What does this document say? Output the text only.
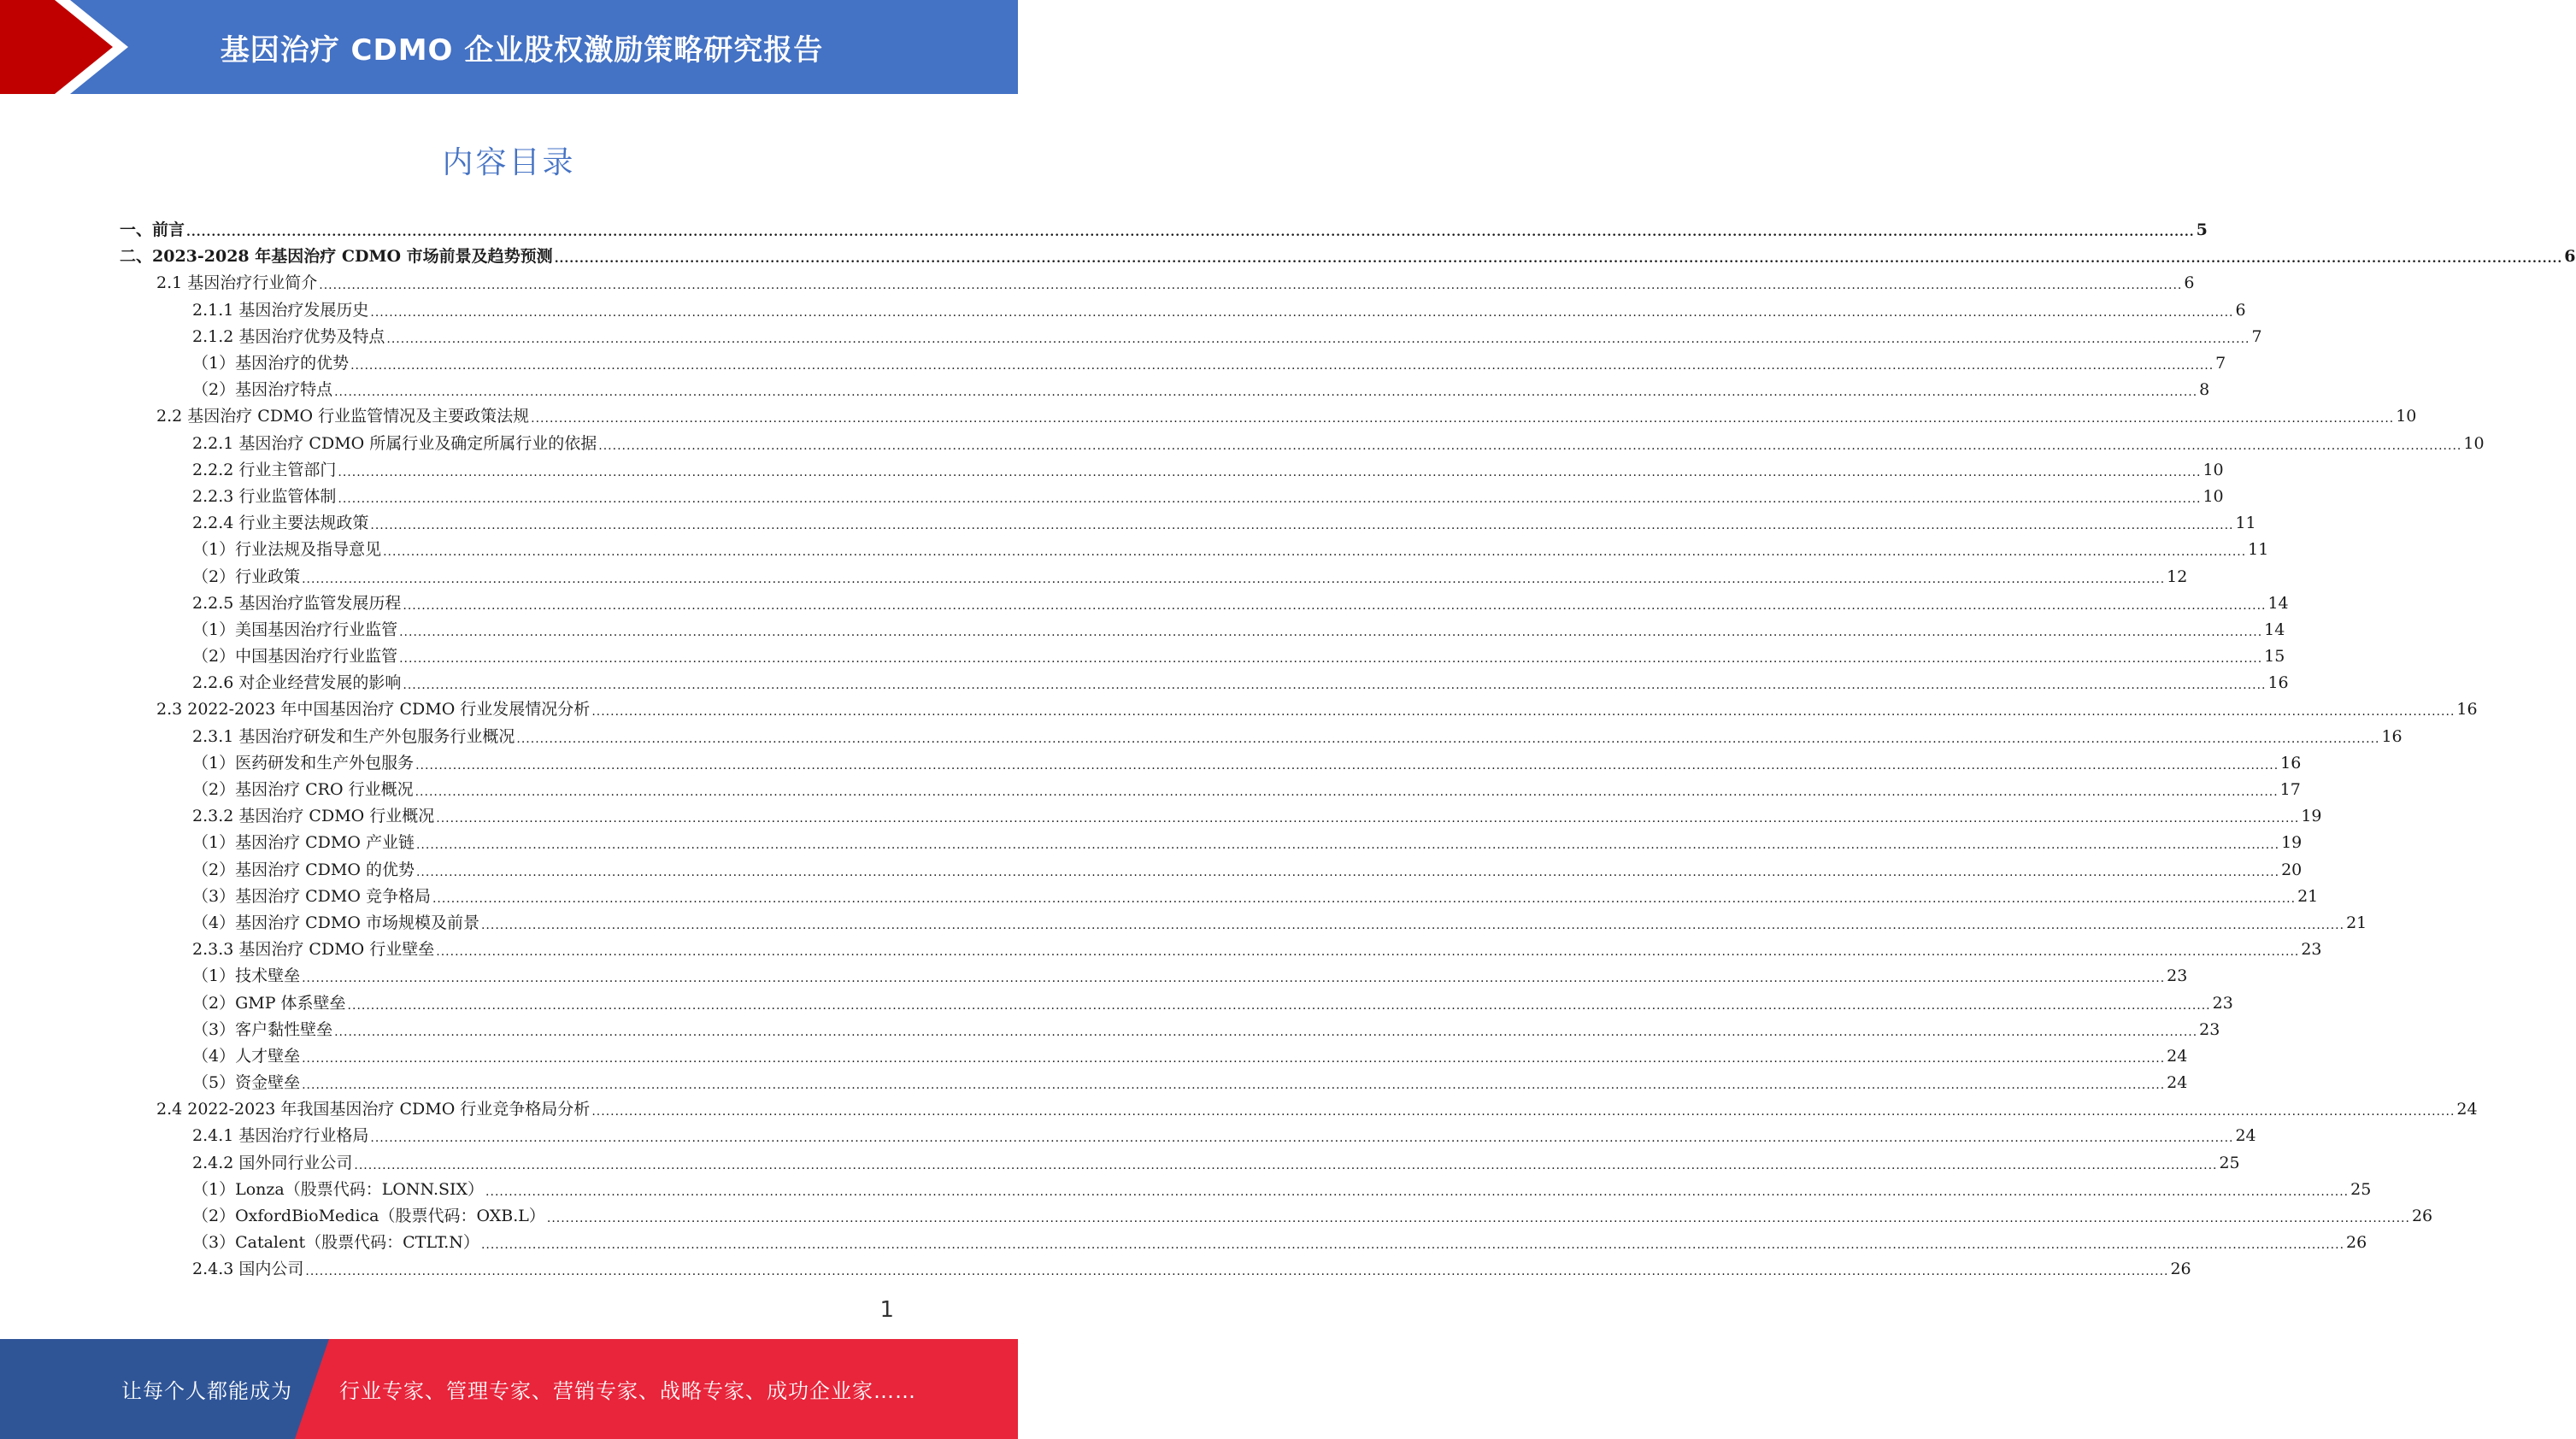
基因治疗 CDMO 企业股权激励策略研究报告
内容目录
一、前言 ................................................................................................................................................................................................................................................................................................................................................................................................................ 5
二、2023-2028 年基因治疗 CDMO 市场前景及趋势预测 ................................................................................................................................................................................................................................................................................................................................................................................................................ 6
2.1 基因治疗行业简介 ................................................................................................................................................................................................................................................................................................................................................................................................................ 6
2.1.1 基因治疗发展历史 ................................................................................................................................................................................................................................................................................................................................................................................................................ 6
2.1.2 基因治疗优势及特点 ................................................................................................................................................................................................................................................................................................................................................................................................................ 7
（1）基因治疗的优势 ................................................................................................................................................................................................................................................................................................................................................................................................................ 7
（2）基因治疗特点 ................................................................................................................................................................................................................................................................................................................................................................................................................ 8
2.2 基因治疗 CDMO 行业监管情况及主要政策法规 ................................................................................................................................................................................................................................................................................................................................................................................................................ 10
2.2.1 基因治疗 CDMO 所属行业及确定所属行业的依据 ................................................................................................................................................................................................................................................................................................................................................................................................................ 10
2.2.2 行业主管部门 ................................................................................................................................................................................................................................................................................................................................................................................................................ 10
2.2.3 行业监管体制 ................................................................................................................................................................................................................................................................................................................................................................................................................ 10
2.2.4 行业主要法规政策 ................................................................................................................................................................................................................................................................................................................................................................................................................ 11
（1）行业法规及指导意见 ................................................................................................................................................................................................................................................................................................................................................................................................................ 11
（2）行业政策 ................................................................................................................................................................................................................................................................................................................................................................................................................ 12
2.2.5 基因治疗监管发展历程 ................................................................................................................................................................................................................................................................................................................................................................................................................ 14
（1）美国基因治疗行业监管 ................................................................................................................................................................................................................................................................................................................................................................................................................ 14
（2）中国基因治疗行业监管 ................................................................................................................................................................................................................................................................................................................................................................................................................ 15
2.2.6 对企业经营发展的影响 ................................................................................................................................................................................................................................................................................................................................................................................................................ 16
2.3 2022-2023 年中国基因治疗 CDMO 行业发展情况分析 ................................................................................................................................................................................................................................................................................................................................................................................................................ 16
2.3.1 基因治疗研发和生产外包服务行业概况 ................................................................................................................................................................................................................................................................................................................................................................................................................ 16
（1）医药研发和生产外包服务 ................................................................................................................................................................................................................................................................................................................................................................................................................ 16
（2）基因治疗 CRO 行业概况 ................................................................................................................................................................................................................................................................................................................................................................................................................ 17
2.3.2 基因治疗 CDMO 行业概况 ................................................................................................................................................................................................................................................................................................................................................................................................................ 19
（1）基因治疗 CDMO 产业链 ................................................................................................................................................................................................................................................................................................................................................................................................................ 19
（2）基因治疗 CDMO 的优势 ................................................................................................................................................................................................................................................................................................................................................................................................................ 20
（3）基因治疗 CDMO 竞争格局 ................................................................................................................................................................................................................................................................................................................................................................................................................ 21
（4）基因治疗 CDMO 市场规模及前景 ................................................................................................................................................................................................................................................................................................................................................................................................................ 21
2.3.3 基因治疗 CDMO 行业壁垒 ................................................................................................................................................................................................................................................................................................................................................................................................................ 23
（1）技术壁垒 ................................................................................................................................................................................................................................................................................................................................................................................................................ 23
（2）GMP 体系壁垒 ................................................................................................................................................................................................................................................................................................................................................................................................................ 23
（3）客户黏性壁垒 ................................................................................................................................................................................................................................................................................................................................................................................................................ 23
（4）人才壁垒 ................................................................................................................................................................................................................................................................................................................................................................................................................ 24
（5）资金壁垒 ................................................................................................................................................................................................................................................................................................................................................................................................................ 24
2.4 2022-2023 年我国基因治疗 CDMO 行业竞争格局分析 ................................................................................................................................................................................................................................................................................................................................................................................................................ 24
2.4.1 基因治疗行业格局 ................................................................................................................................................................................................................................................................................................................................................................................................................ 24
2.4.2 国外同行业公司 ................................................................................................................................................................................................................................................................................................................................................................................................................ 25
（1）Lonza（股票代码：LONN.SIX） ................................................................................................................................................................................................................................................................................................................................................................................................................ 25
（2）OxfordBioMedica（股票代码：OXB.L） ................................................................................................................................................................................................................................................................................................................................................................................................................ 26
（3）Catalent（股票代码：CTLT.N） ................................................................................................................................................................................................................................................................................................................................................................................................................ 26
2.4.3 国内公司 ................................................................................................................................................................................................................................................................................................................................................................................................................ 26
1
让每个人都能成为 行业专家、管理专家、营销专家、战略专家、成功企业家……
